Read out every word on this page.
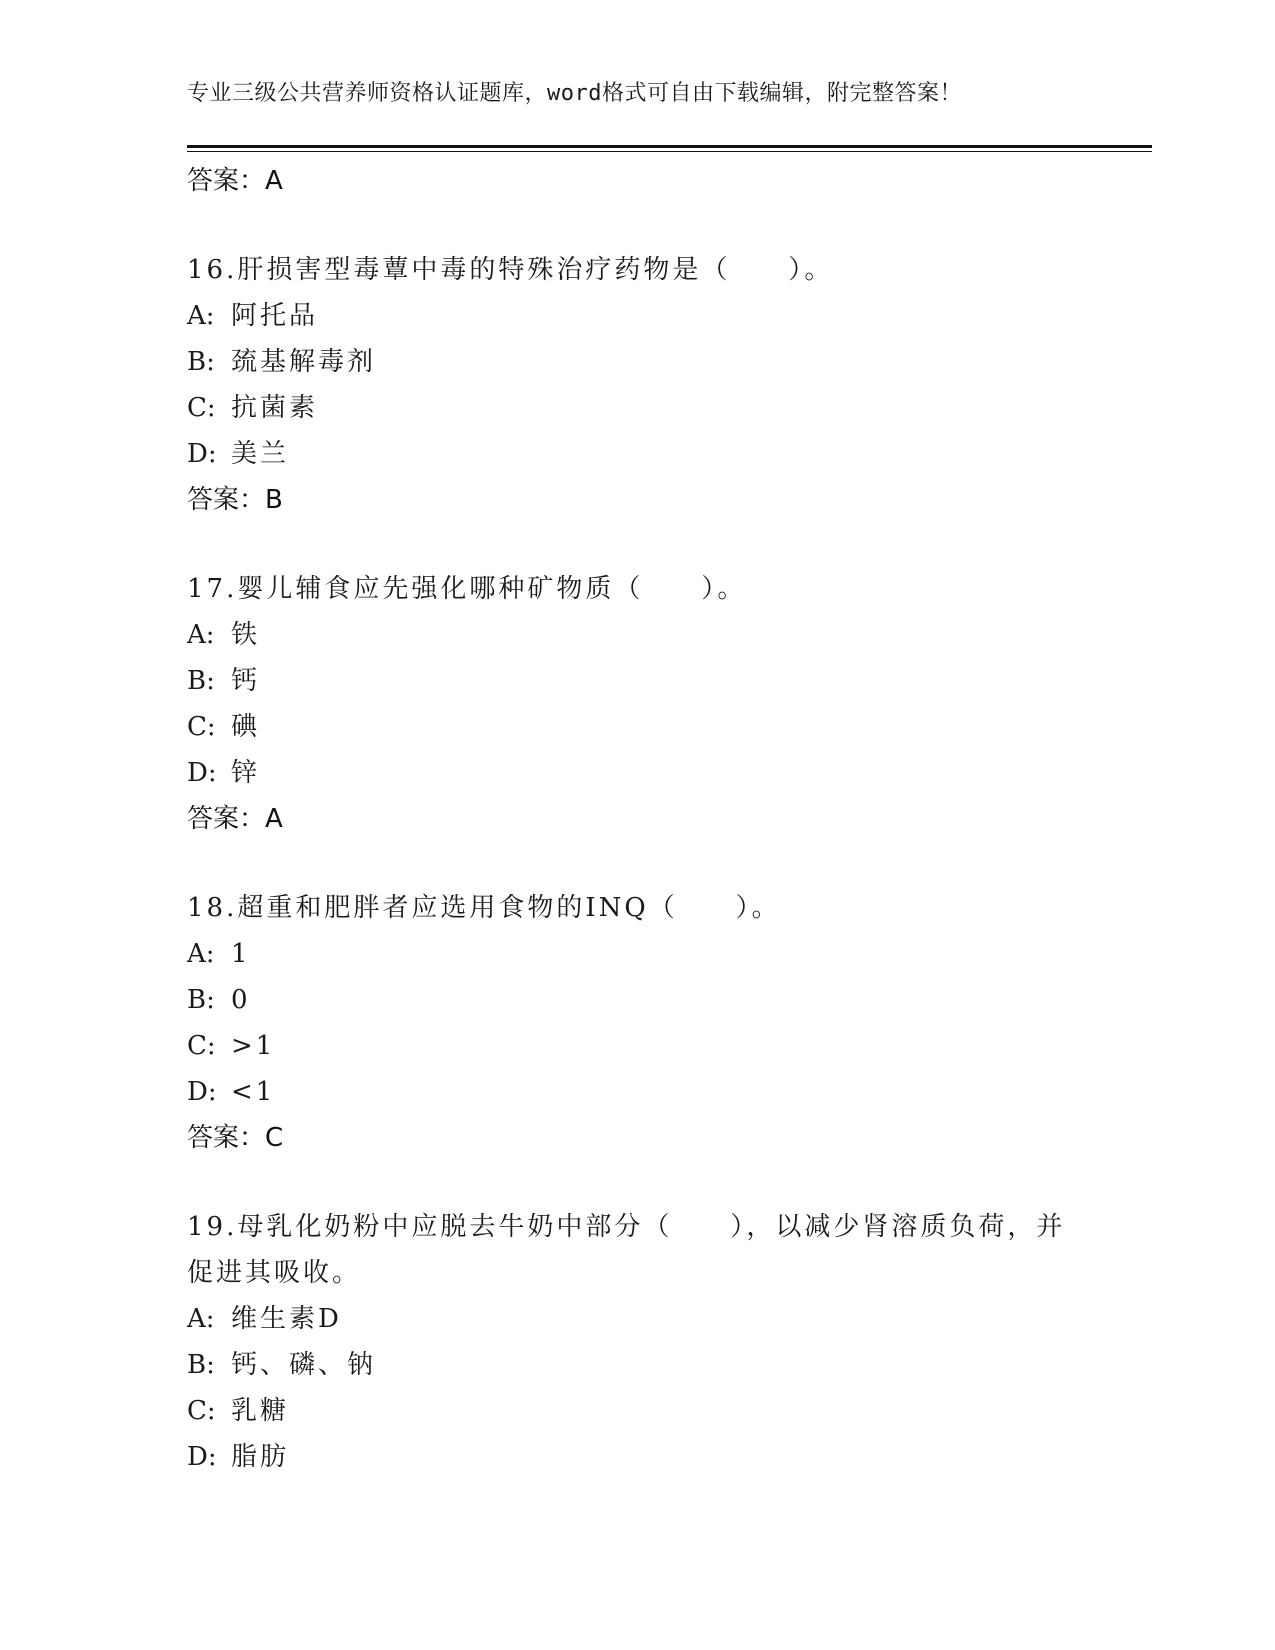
专业三级公共营养师资格认证题库，word格式可自由下载编辑，附完整答案！
答案：A
16.肝损害型毒蕈中毒的特殊治疗药物是（　　）。
A: 阿托品
B: 巯基解毒剂
C: 抗菌素
D: 美兰
答案：B
17.婴儿辅食应先强化哪种矿物质（　　）。
A: 铁
B: 钙
C: 碘
D: 锌
答案：A
18.超重和肥胖者应选用食物的INQ（　　）。
A: 1
B: 0
C: >1
D: <1
答案：C
19.母乳化奶粉中应脱去牛奶中部分（　　），以减少肾溶质负荷，并促进其吸收。
A: 维生素D
B: 钙、磷、钠
C: 乳糖
D: 脂肪
